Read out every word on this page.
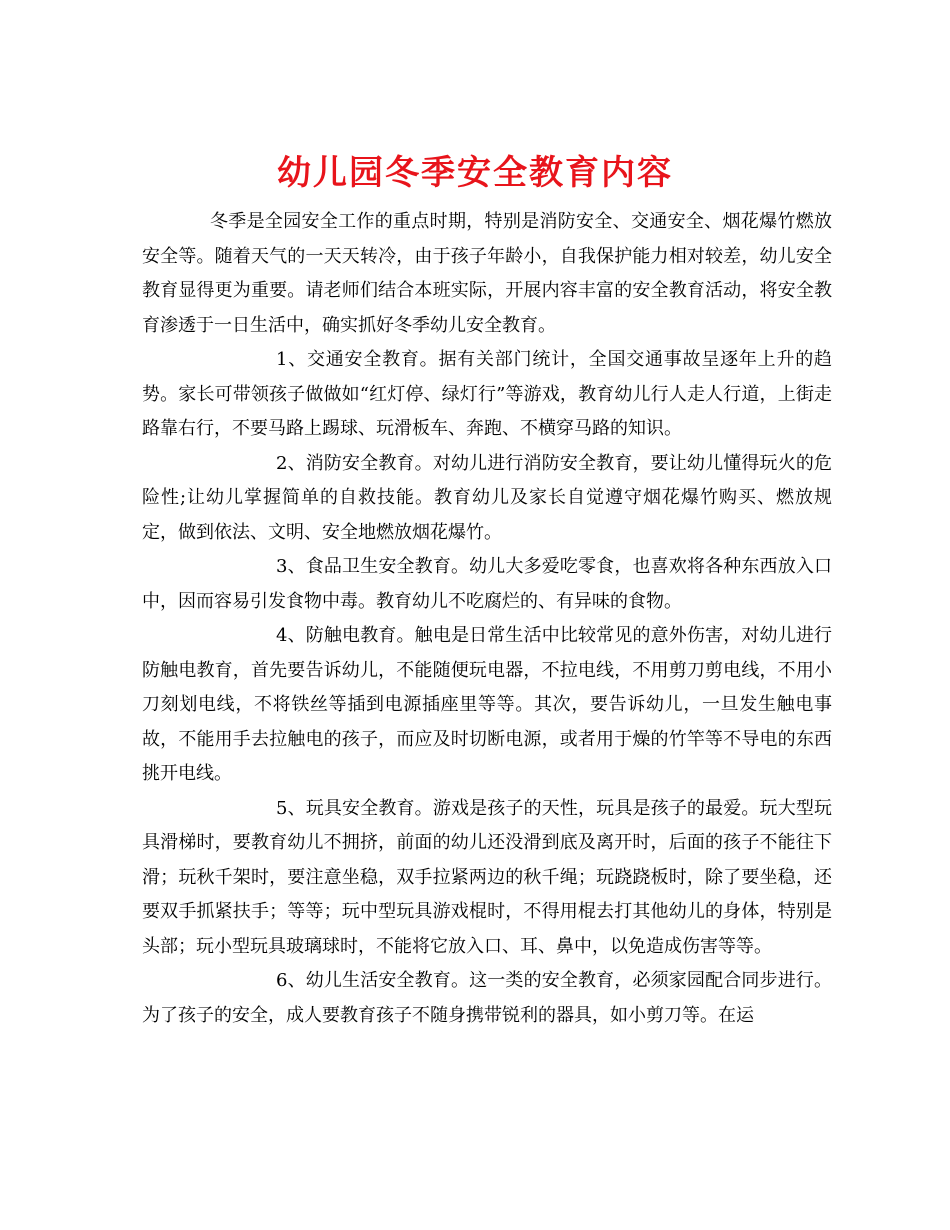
幼儿园冬季安全教育内容

冬季是全园安全工作的重点时期，特别是消防安全、交通安全、烟花爆竹燃放安全等。随着天气的一天天转冷，由于孩子年龄小，自我保护能力相对较差，幼儿安全教育显得更为重要。请老师们结合本班实际，开展内容丰富的安全教育活动，将安全教育渗透于一日生活中，确实抓好冬季幼儿安全教育。

1、交通安全教育。据有关部门统计，全国交通事故呈逐年上升的趋势。家长可带领孩子做做如“红灯停、绿灯行”等游戏，教育幼儿行人走人行道，上街走路靠右行，不要马路上踢球、玩滑板车、奔跑、不横穿马路的知识。

2、消防安全教育。对幼儿进行消防安全教育，要让幼儿懂得玩火的危险性;让幼儿掌握简单的自救技能。教育幼儿及家长自觉遵守烟花爆竹购买、燃放规定，做到依法、文明、安全地燃放烟花爆竹。

3、食品卫生安全教育。幼儿大多爱吃零食，也喜欢将各种东西放入口中，因而容易引发食物中毒。教育幼儿不吃腐烂的、有异味的食物。

4、防触电教育。触电是日常生活中比较常见的意外伤害，对幼儿进行防触电教育，首先要告诉幼儿，不能随便玩电器，不拉电线，不用剪刀剪电线，不用小刀刻划电线，不将铁丝等插到电源插座里等等。其次，要告诉幼儿，一旦发生触电事故，不能用手去拉触电的孩子，而应及时切断电源，或者用于燥的竹竿等不导电的东西挑开电线。

5、玩具安全教育。游戏是孩子的天性，玩具是孩子的最爱。玩大型玩具滑梯时，要教育幼儿不拥挤，前面的幼儿还没滑到底及离开时，后面的孩子不能往下滑；玩秋千架时，要注意坐稳，双手拉紧两边的秋千绳；玩跷跷板时，除了要坐稳，还要双手抓紧扶手；等等；玩中型玩具游戏棍时，不得用棍去打其他幼儿的身体，特别是头部；玩小型玩具玻璃球时，不能将它放入口、耳、鼻中，以免造成伤害等等。

6、幼儿生活安全教育。这一类的安全教育，必须家园配合同步进行。为了孩子的安全，成人要教育孩子不随身携带锐利的器具，如小剪刀等。在运
